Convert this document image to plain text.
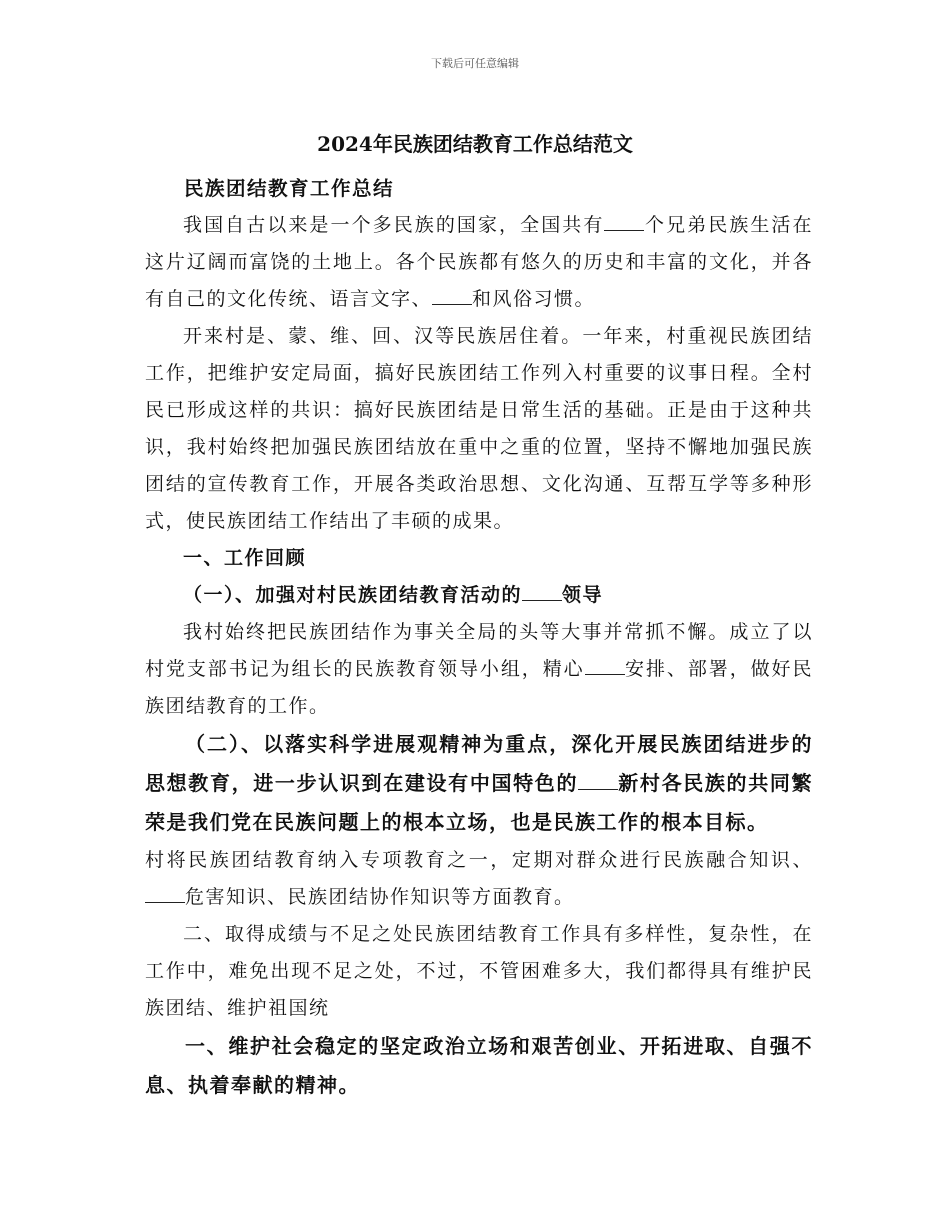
下载后可任意编辑
2024年民族团结教育工作总结范文

民族团结教育工作总结

我国自古以来是一个多民族的国家，全国共有 个兄弟民族生活在这片辽阔而富饶的土地上。各个民族都有悠久的历史和丰富的文化，并各有自己的文化传统、语言文字、 和风俗习惯。

开来村是、蒙、维、回、汉等民族居住着。一年来，村重视民族团结工作，把维护安定局面，搞好民族团结工作列入村重要的议事日程。全村民已形成这样的共识：搞好民族团结是日常生活的基础。正是由于这种共识，我村始终把加强民族团结放在重中之重的位置，坚持不懈地加强民族团结的宣传教育工作，开展各类政治思想、文化沟通、互帮互学等多种形式，使民族团结工作结出了丰硕的成果。

一、工作回顾

（一）、加强对村民族团结教育活动的 领导

我村始终把民族团结作为事关全局的头等大事并常抓不懈。成立了以村党支部书记为组长的民族教育领导小组，精心 安排、部署，做好民族团结教育的工作。

（二）、以落实科学进展观精神为重点，深化开展民族团结进步的思想教育，进一步认识到在建设有中国特色的 新村各民族的共同繁荣是我们党在民族问题上的根本立场，也是民族工作的根本目标。

村将民族团结教育纳入专项教育之一，定期对群众进行民族融合知识、危害知识、民族团结协作知识等方面教育。

二、取得成绩与不足之处民族团结教育工作具有多样性，复杂性，在工作中，难免出现不足之处，不过，不管困难多大，我们都得具有维护民族团结、维护祖国统

一、维护社会稳定的坚定政治立场和艰苦创业、开拓进取、自强不息、执着奉献的精神。
